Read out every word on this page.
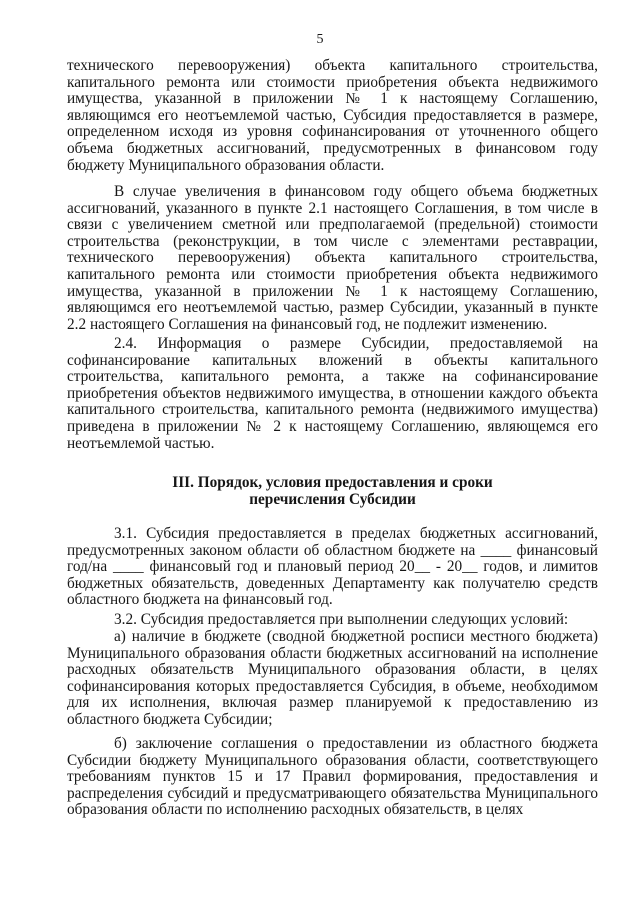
5

технического перевооружения) объекта капитального строительства, капитального ремонта или стоимости приобретения объекта недвижимого имущества, указанной в приложении № 1 к настоящему Соглашению, являющимся его неотъемлемой частью, Субсидия предоставляется в размере, определенном исходя из уровня софинансирования от уточненного общего объема бюджетных ассигнований, предусмотренных в финансовом году бюджету Муниципального образования области.

В случае увеличения в финансовом году общего объема бюджетных ассигнований, указанного в пункте 2.1 настоящего Соглашения, в том числе в связи с увеличением сметной или предполагаемой (предельной) стоимости строительства (реконструкции, в том числе с элементами реставрации, технического перевооружения) объекта капитального строительства, капитального ремонта или стоимости приобретения объекта недвижимого имущества, указанной в приложении № 1 к настоящему Соглашению, являющимся его неотъемлемой частью, размер Субсидии, указанный в пункте 2.2 настоящего Соглашения на финансовый год, не подлежит изменению.

2.4. Информация о размере Субсидии, предоставляемой на софинансирование капитальных вложений в объекты капитального строительства, капитального ремонта, а также на софинансирование приобретения объектов недвижимого имущества, в отношении каждого объекта капитального строительства, капитального ремонта (недвижимого имущества) приведена в приложении № 2 к настоящему Соглашению, являющемся его неотъемлемой частью.

III. Порядок, условия предоставления и сроки
перечисления Субсидии

3.1. Субсидия предоставляется в пределах бюджетных ассигнований, предусмотренных законом области об областном бюджете на ____ финансовый год/на ____ финансовый год и плановый период 20__ - 20__ годов, и лимитов бюджетных обязательств, доведенных Департаменту как получателю средств областного бюджета на финансовый год.

3.2. Субсидия предоставляется при выполнении следующих условий:

а) наличие в бюджете (сводной бюджетной росписи местного бюджета) Муниципального образования области бюджетных ассигнований на исполнение расходных обязательств Муниципального образования области, в целях софинансирования которых предоставляется Субсидия, в объеме, необходимом для их исполнения, включая размер планируемой к предоставлению из областного бюджета Субсидии;

б) заключение соглашения о предоставлении из областного бюджета Субсидии бюджету Муниципального образования области, соответствующего требованиям пунктов 15 и 17 Правил формирования, предоставления и распределения субсидий и предусматривающего обязательства Муниципального образования области по исполнению расходных обязательств, в целях
